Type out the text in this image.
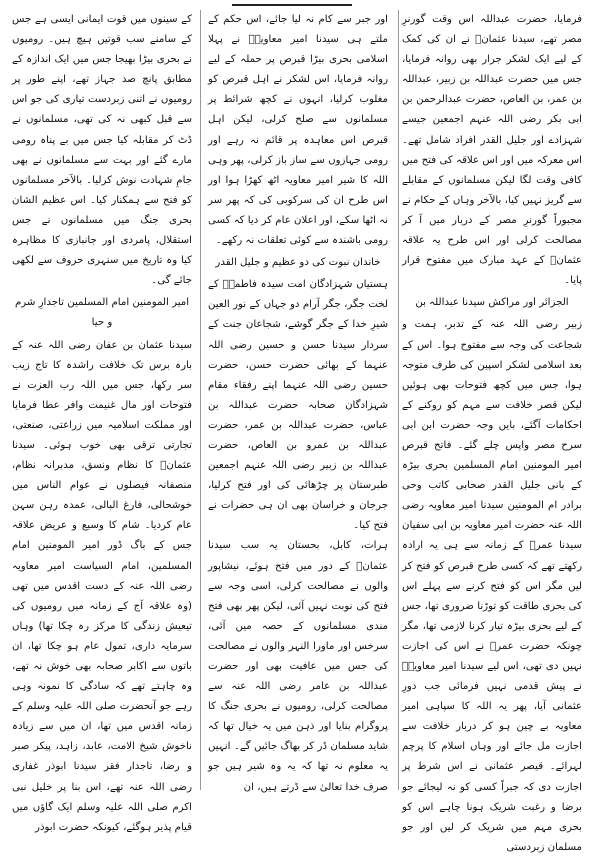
فرمایا، حضرت عبداللہ اس وقت گورنرِ مصر تھے، سیدنا عثمانؓ نے ان کی کمک کے لیے ایک لشکر جرار بھی روانہ فرمایا، جس میں حضرت عبداللہ بن زبیر، عبداللہ بن عمر، بن العاص، حضرت عبدالرحمن بن ابی بکر رضی اللہ عنہم اجمعین جیسے شہزادے اور جلیل القدر افراد شامل تھے۔ اس معرکہ میں اور اس علاقہ کی فتح میں کافی وقت لگا لیکن مسلمانوں کے مقابلے سے گریز نہیں کیا، بالآخر وہاں کے حکام نے مجبوراً گورنرِ مصر کے دربار میں آ کر مصالحت کرلی اور اس طرح یہ علاقہ عثمانؓ کے عہد مبارک میں مفتوح قرار پایا۔

الجزائر اور مراکش سیدنا عبداللہ بن

زبیر رضی اللہ عنہ کے تدبر، ہمت و شجاعت کی وجہ سے مفتوح ہوا۔ اس کے بعد اسلامی لشکر اسپین کی طرف متوجہ ہوا، جس میں کچھ فتوحات بھی ہوئیں لیکن قصر خلافت سے مہم کو روکنے کے احکامات آگئے، بایں وجہ حضرت ابن ابی سرح مصر واپس چلے گئے۔ فاتح قبرص امیر المومنین امام المسلمین بحری بیڑہ کے بانی جلیل القدر صحابی کاتب وحی برادر ام المومنین سیدنا امیر معاویہ رضی اللہ عنہ حضرت امیر معاویہ بن ابی سفیان سیدنا عمرؓ کے زمانہ سے ہی یہ ارادہ رکھتے تھے کہ کسی طرح قبرص کو فتح کر لیں مگر اس کو فتح کرنے سے پہلے اس کی بحری طاقت کو توڑنا ضروری تھا، جس کے لیے بحری بیڑہ تیار کرنا لازمی تھا، مگر چونکہ حضرت عمرؓ نے اس کی اجازت نہیں دی تھی، اس لیے سیدنا امیر معاویہؓ نے پیش قدمی نہیں فرمائی جب دورِ عثمانی آیا، پھر یہ اللہ کا سپاہی امیر معاویہ بے چین ہو کر دربار خلافت سے اجازت مل جائے اور وہاں اسلام کا پرچم لہرائے۔ قیصر عثمانی نے اس شرط پر اجازت دی کہ جبراً کسی کو نہ لیجائے جو برضا و رغبت شریک ہونا چاہے اس کو بحری مہم میں شریک کر لیں اور جو مسلمان زبردستی

اور جبر سے کام نہ لیا جائے، اس حکم کے ملتے ہی سیدنا امیر معاویہؓ نے پہلا اسلامی بحری بیڑا قبرص پر حملہ کے لیے روانہ فرمایا، اس لشکر نے اہل قبرص کو مغلوب کرلیا، انہوں نے کچھ شرائط پر مسلمانوں سے صلح کرلی، لیکن اہل قبرص اس معاہدہ پر قائم نہ رہے اور رومی جہازوں سے ساز باز کرلی، پھر وہی اللہ کا شیر امیر معاویہ اٹھ کھڑا ہوا اور اس طرح ان کی سرکوبی کی کہ پھر سر نہ اٹھا سکے، اور اعلان عام کر دیا کہ کسی رومی باشندہ سے کوئی تعلقات نہ رکھے۔

خاندان نبوت کی دو عظیم و جلیل القدر

ہستیاں شہزادگان امت سیدہ فاطمہؓ کے لخت جگر، جگر آرام دو جہاں کے نور العین شیرِ خدا کے جگر گوشے، شجاعان جنت کے سردار سیدنا حسن و حسین رضی اللہ عنہما کے بھائی حضرت حسن، حضرت حسین رضی اللہ عنہما اپنے رفقاء مقام شہزادگان صحابہ حضرت عبداللہ بن عباس، حضرت عبداللہ بن عمر، حضرت عبداللہ بن عمرو بن العاص، حضرت عبداللہ بن زبیر رضی اللہ عنہم اجمعین طبرستان پر چڑھائی کی اور فتح کرلیا، جرجان و خراسان بھی ان ہی حضرات نے فتح کیا۔

ہرات، کابل، بحستان یہ سب سیدنا عثمانؓ کے دور میں فتح ہوئے، نیشاپور والوں نے مصالحت کرلی، اسی وجہ سے فتح کی نوبت نہیں آئی، لیکن پھر بھی فتح مندی مسلمانوں کے حصہ میں آئی، سرخس اور ماورا النہر والوں نے مصالحت کی جس میں عافیت بھی اور حضرت عبداللہ بن عامر رضی اللہ عنہ سے مصالحت کرلی، رومیوں نے بحری جنگ کا پروگرام بنایا اور ذہن میں یہ خیال تھا کہ شاید مسلمان ڈر کر بھاگ جائیں گے۔ انہیں یہ معلوم نہ تھا کہ یہ وہ شیر ہیں جو صرف خدا تعالیٰ سے ڈرتے ہیں، ان

کے سینوں میں قوت ایمانی ایسی ہے جس کے سامنے سب قوتیں ہیچ ہیں۔ رومیوں نے بحری بیڑا بھیجا جس میں ایک اندازہ کے مطابق پانچ صد جہاز تھے، اپنے طور پر رومیوں نے اتنی زبردست تیاری کی جو اس سے قبل کبھی نہ کی تھی، مسلمانوں نے ڈٹ کر مقابلہ کیا جس میں بے پناہ رومی مارے گئے اور بہت سے مسلمانوں نے بھی جامِ شہادت نوش کرلیا۔ بالآخر مسلمانوں کو فتح سے ہمکنار کیا۔ اس عظیم الشان بحری جنگ میں مسلمانوں نے جس استقلال، پامردی اور جانبازی کا مظاہرہ کیا وہ تاریخ میں سنہری حروف سے لکھی جائے گی۔

امیر المومنین امام المسلمین تاجدارِ شرم و حیا

سیدنا عثمان بن عفان رضی اللہ عنہ کے بارہ برس تک خلافت راشدہ کا تاج زیب سر رکھا، جس میں اللہ رب العزت نے فتوحات اور مال غنیمت وافر عطا فرمایا اور مملکت اسلامیہ میں زراعتی، صنعتی، تجارتی ترقی بھی خوب ہوئی۔ سیدنا عثمانؓ کا نظام ونسق، مدبرانہ نظام، منصفانہ فیصلوں نے عوام الناس میں خوشحالی، فارغ البالی، عمدہ رہن سہن عام کردیا۔ شام کا وسیع و عریض علاقہ جس کے باگ ڈور امیر المومنین امام المسلمین، امام السیاست امیر معاویہ رضی اللہ عنہ کے دست اقدس میں تھی (وہ علاقہ آج کے زمانہ میں رومیوں کی تیعیش زندگی کا مرکز رہ چکا تھا) وہاں سرمایہ داری، تمول عام ہو چکا تھا، ان باتوں سے اکابر صحابہ بھی خوش نہ تھے، وہ چاہتے تھے کہ سادگی کا نمونہ وہی رہے جو آنحضرت صلی اللہ علیہ وسلم کے زمانہ اقدس میں تھا، ان میں سے زیادہ ناخوش شیخ الامت، عابد، زاہد، پیکر صبر و رضا، تاجدار فقر سیدنا ابوذر غفاری رضی اللہ عنہ تھے، اس بنا پر خلیل نبی اکرم صلی اللہ علیہ وسلم ایک گاؤں میں قیام پذیر ہوگئے، کیونکہ حضرت ابوذر
